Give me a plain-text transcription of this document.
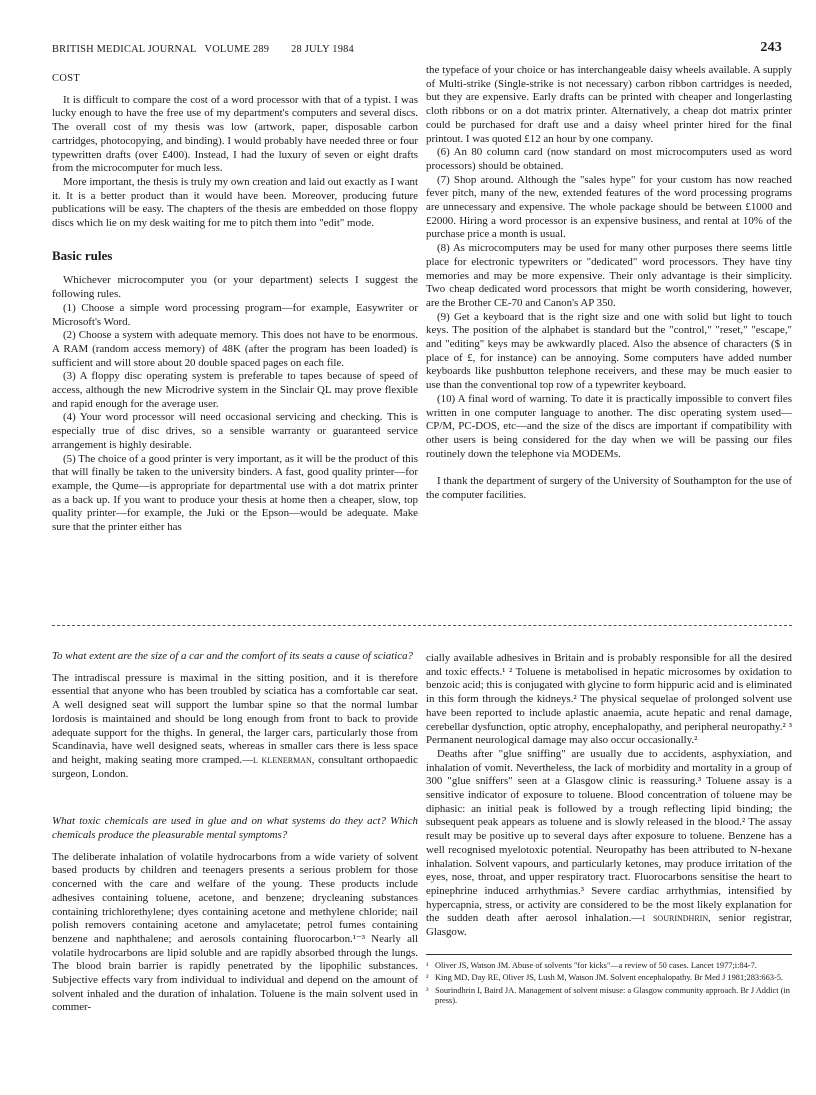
BRITISH MEDICAL JOURNAL VOLUME 289 28 JULY 1984	243

COST

It is difficult to compare the cost of a word processor with that of a typist. I was lucky enough to have the free use of my department's computers and several discs. The overall cost of my thesis was low (artwork, paper, disposable carbon cartridges, photocopying, and binding). I would probably have needed three or four typewritten drafts (over £400). Instead, I had the luxury of seven or eight drafts from the microcomputer for much less.

More important, the thesis is truly my own creation and laid out exactly as I want it. It is a better product than it would have been. Moreover, producing future publications will be easy. The chapters of the thesis are embedded on those floppy discs which lie on my desk waiting for me to pitch them into "edit" mode.

Basic rules

Whichever microcomputer you (or your department) selects I suggest the following rules.

(1) Choose a simple word processing program—for example, Easywriter or Microsoft's Word.

(2) Choose a system with adequate memory. This does not have to be enormous. A RAM (random access memory) of 48K (after the program has been loaded) is sufficient and will store about 20 double spaced pages on each file.

(3) A floppy disc operating system is preferable to tapes because of speed of access, although the new Microdrive system in the Sinclair QL may prove flexible and rapid enough for the average user.

(4) Your word processor will need occasional servicing and checking. This is especially true of disc drives, so a sensible warranty or guaranteed service arrangement is highly desirable.

(5) The choice of a good printer is very important, as it will be the product of this that will finally be taken to the university binders. A fast, good quality printer—for example, the Qume—is appropriate for departmental use with a dot matrix printer as a back up. If you want to produce your thesis at home then a cheaper, slow, top quality printer—for example, the Juki or the Epson—would be adequate. Make sure that the printer either has

the typeface of your choice or has interchangeable daisy wheels available. A supply of Multi-strike (Single-strike is not necessary) carbon ribbon cartridges is needed, but they are expensive. Early drafts can be printed with cheaper and longerlasting cloth ribbons or on a dot matrix printer. Alternatively, a cheap dot matrix printer could be purchased for draft use and a daisy wheel printer hired for the final printout. I was quoted £12 an hour by one company.

(6) An 80 column card (now standard on most microcomputers used as word processors) should be obtained.

(7) Shop around. Although the "sales hype" for your custom has now reached fever pitch, many of the new, extended features of the word processing programs are unnecessary and expensive. The whole package should be between £1000 and £2000. Hiring a word processor is an expensive business, and rental at 10% of the purchase price a month is usual.

(8) As microcomputers may be used for many other purposes there seems little place for electronic typewriters or "dedicated" word processors. They have tiny memories and may be more expensive. Their only advantage is their simplicity. Two cheap dedicated word processors that might be worth considering, however, are the Brother CE-70 and Canon's AP 350.

(9) Get a keyboard that is the right size and one with solid but light to touch keys. The position of the alphabet is standard but the "control," "reset," "escape," and "editing" keys may be awkwardly placed. Also the absence of characters ($ in place of £, for instance) can be annoying. Some computers have added number keyboards like pushbutton telephone receivers, and these may be much easier to use than the conventional top row of a typewriter keyboard.

(10) A final word of warning. To date it is practically impossible to convert files written in one computer language to another. The disc operating system used—CP/M, PC-DOS, etc—and the size of the discs are important if compatibility with other users is being considered for the day when we will be passing our files routinely down the telephone via MODEMs.

I thank the department of surgery of the University of Southampton for the use of the computer facilities.

To what extent are the size of a car and the comfort of its seats a cause of sciatica?

The intradiscal pressure is maximal in the sitting position, and it is therefore essential that anyone who has been troubled by sciatica has a comfortable car seat. A well designed seat will support the lumbar spine so that the normal lumbar lordosis is maintained and should be long enough from front to back to provide adequate support for the thighs. In general, the larger cars, particularly those from Scandinavia, have well designed seats, whereas in smaller cars there is less space and height, making seating more cramped.—l klenerman, consultant orthopaedic surgeon, London.

What toxic chemicals are used in glue and on what systems do they act? Which chemicals produce the pleasurable mental symptoms?

The deliberate inhalation of volatile hydrocarbons from a wide variety of solvent based products by children and teenagers presents a serious problem for those concerned with the care and welfare of the young. These products include adhesives containing toluene, acetone, and benzene; drycleaning substances containing trichlorethylene; dyes containing acetone and methylene chloride; nail polish removers containing acetone and amylacetate; petrol fumes containing benzene and naphthalene; and aerosols containing fluorocarbon.¹⁻³ Nearly all volatile hydrocarbons are lipid soluble and are rapidly absorbed through the lungs. The blood brain barrier is rapidly penetrated by the lipophilic substances. Subjective effects vary from individual to individual and depend on the amount of solvent inhaled and the duration of inhalation. Toluene is the main solvent used in commer-

cially available adhesives in Britain and is probably responsible for all the desired and toxic effects.¹ ² Toluene is metabolised in hepatic microsomes by oxidation to benzoic acid; this is conjugated with glycine to form hippuric acid and is eliminated in this form through the kidneys.² The physical sequelae of prolonged solvent use have been reported to include aplastic anaemia, acute hepatic and renal damage, cerebellar dysfunction, optic atrophy, encephalopathy, and peripheral neuropathy.² ³ Permanent neurological damage may also occur occasionally.²

Deaths after "glue sniffing" are usually due to accidents, asphyxiation, and inhalation of vomit. Nevertheless, the lack of morbidity and mortality in a group of 300 "glue sniffers" seen at a Glasgow clinic is reassuring.³ Toluene assay is a sensitive indicator of exposure to toluene. Blood concentration of toluene may be diphasic: an initial peak is followed by a trough reflecting lipid binding; the subsequent peak appears as toluene and is slowly released in the blood.² The assay result may be positive up to several days after exposure to toluene. Benzene has a well recognised myelotoxic potential. Neuropathy has been attributed to N-hexane inhalation. Solvent vapours, and particularly ketones, may produce irritation of the eyes, nose, throat, and upper respiratory tract. Fluorocarbons sensitise the heart to epinephrine induced arrhythmias.³ Severe cardiac arrhythmias, intensified by hypercapnia, stress, or activity are considered to be the most likely explanation for the sudden death after aerosol inhalation.—i sourindhrin, senior registrar, Glasgow.

¹ Oliver JS, Watson JM. Abuse of solvents "for kicks"—a review of 50 cases. Lancet 1977;i:84-7.
² King MD, Day RE, Oliver JS, Lush M, Watson JM. Solvent encephalopathy. Br Med J 1981;283:663-5.
³ Sourindhrin I, Baird JA. Management of solvent misuse: a Glasgow community approach. Br J Addict (in press).
